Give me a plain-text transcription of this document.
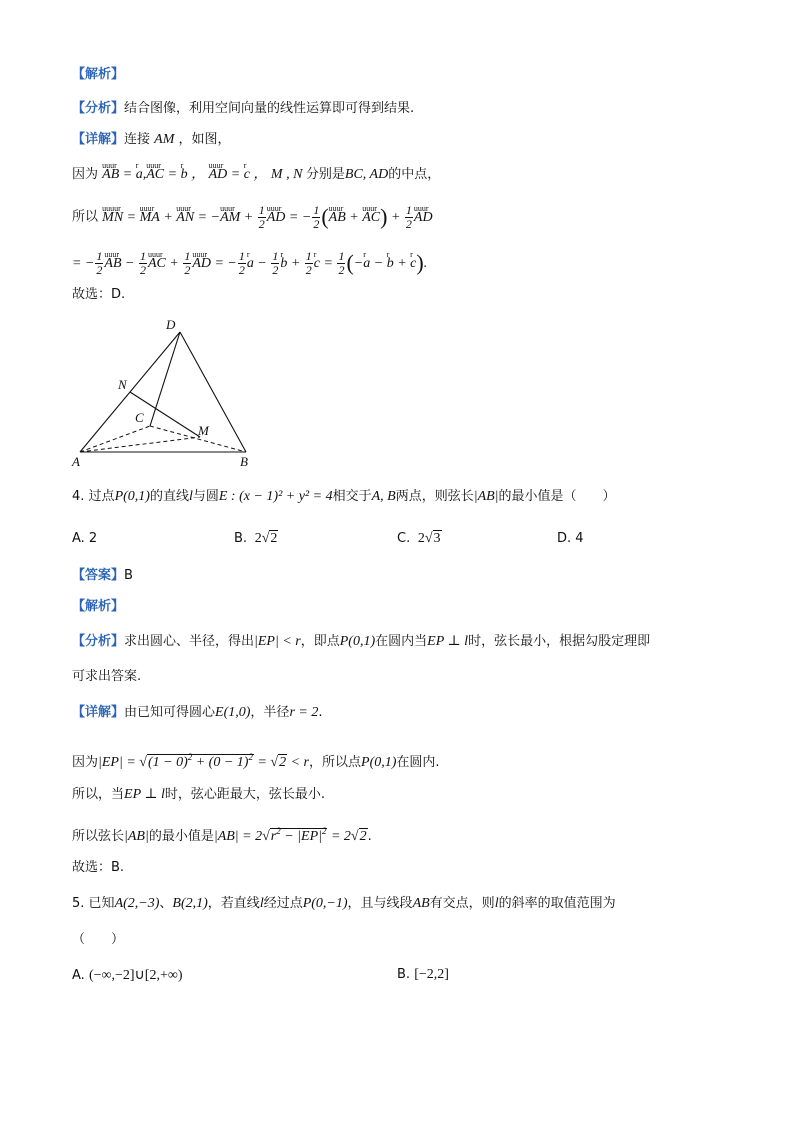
【解析】
【分析】结合图像，利用空间向量的线性运算即可得到结果.
【详解】连接 AM ，如图，
因为 uuur AB = r a,uuur AC = r b ， uuur AD = r c ， M , N 分别是BC, AD的中点，
所以 uuuur MN = uuur MA + uuur AN = −uuur AM + $\frac{1}{2}$ uuur AD = − $\frac{1}{2}$ (uuur AB + uuur $AC) + \frac{1}{2}$ uuur AD
= − $\frac{1}{2}$ uuur AB − $\frac{1}{2}$ uuur AC + $\frac{1}{2}$ uuur AD = − $\frac{1}{2}$ r $a - \frac{1}{2}$ r $b + \frac{1}{2}$ r $c = \frac{1}{2} (-r$ a − r b + r c).
故选：D.
D
N
C
M
A	B
4. 过点P(0,1)的直线l与圆E : (x − 1)² + y² = 4相交于A, B两点，则弦长|AB|的最小值是（　　）
A. 2	B.  2√2	C.  2√3	D. 4
【答案】B
【解析】
【分析】求出圆心、半径，得出|EP| < r，即点P(0,1)在圆内当EP ⊥ l时，弦长最小，根据勾股定理即
可求出答案.
【详解】由已知可得圆心E(1,0)，半径r = 2.
因为$|EP| = √(1 - 0)^2 + (0 - 1)^2 = √2 < r$，所以点P(0,1)在圆内.
所以，当EP ⊥ l时，弦心距最大，弦长最小.
所以弦长|AB|的最小值是$|AB| = 2√r^2 - |EP|^2 = 2√2$.
故选：B.
5. 已知A(2,−3)、B(2,1)，若直线l经过点P(0,−1)，且与线段AB有交点，则l的斜率的取值范围为
（　　）
A. (−∞,−2]∪[2,+∞)	B. [−2,2]
